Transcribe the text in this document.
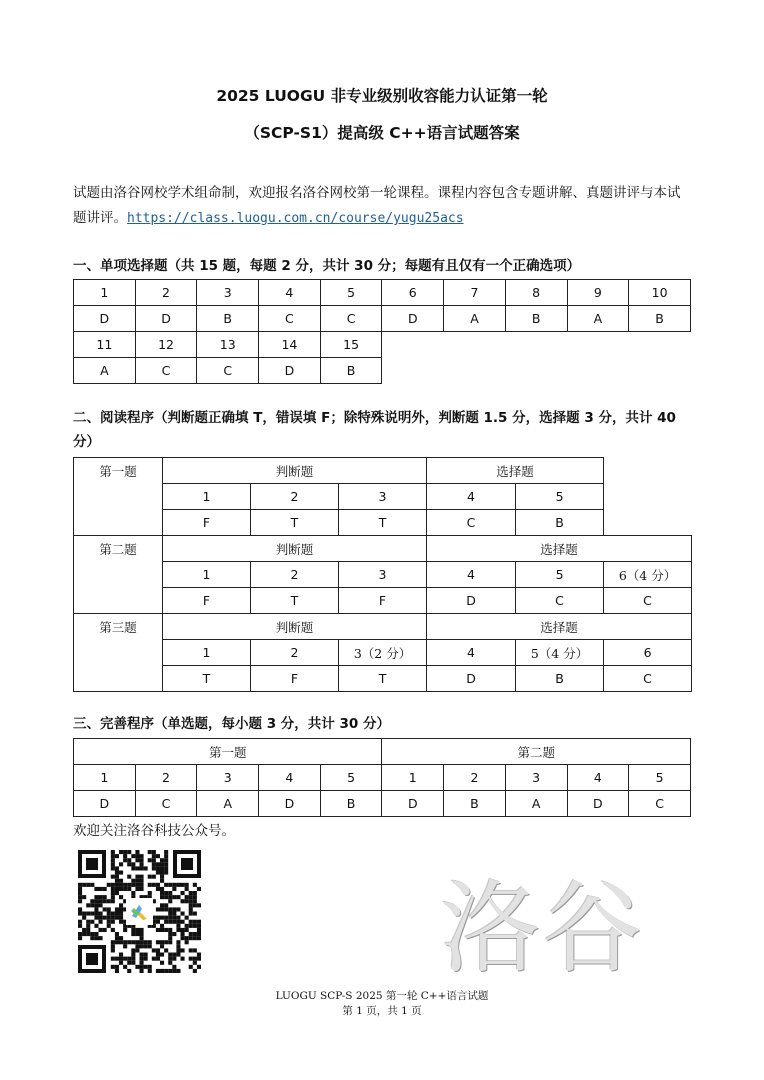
2025 LUOGU 非专业级别收容能力认证第一轮
（SCP-S1）提高级 C++语言试题答案
试题由洛谷网校学术组命制，欢迎报名洛谷网校第一轮课程。课程内容包含专题讲解、真题讲评与本试题讲评。https://class.luogu.com.cn/course/yugu25acs
一、单项选择题（共 15 题，每题 2 分，共计 30 分；每题有且仅有一个正确选项）
1	2	3	4	5	6	7	8	9	10
D	D	B	C	C	D	A	B	A	B
11	12	13	14	15					
A	C	C	D	B					
二、阅读程序（判断题正确填 T，错误填 F；除特殊说明外，判断题 1.5 分，选择题 3 分，共计 40 分）
第一题	判断题			选择题		
	1	2	3	4	5	
	F	T	T	C	B	
第二题	判断题			选择题		
	1	2	3	4	5	6（4 分）
	F	T	F	D	C	C
第三题	判断题			选择题		
	1	2	3（2 分）	4	5（4 分）	6
	T	F	T	D	B	C
三、完善程序（单选题，每小题 3 分，共计 30 分）
第一题					第二题				
1	2	3	4	5	1	2	3	4	5
D	C	A	D	B	D	B	A	D	C
欢迎关注洛谷科技公众号。
洛谷
LUOGU SCP-S 2025 第一轮 C++语言试题
第 1 页，共 1 页
